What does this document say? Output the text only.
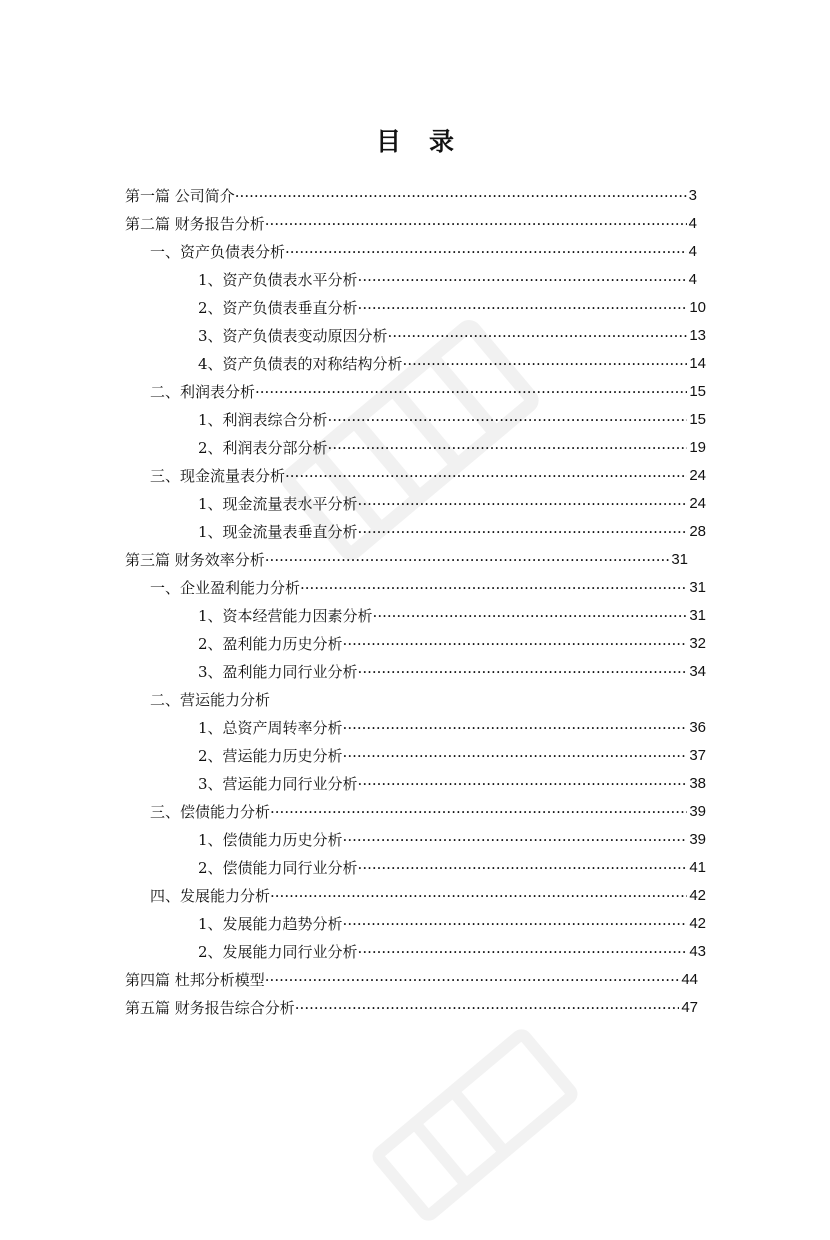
目 录
第一篇 公司简介 ·····	3
第二篇 财务报告分析 ·····	4
一、资产负债表分析 ·····	4
1、资产负债表水平分析 ·····	4
2、资产负债表垂直分析 ·····	10
3、资产负债表变动原因分析 ·····	13
4、资产负债表的对称结构分析 ·····	14
二、利润表分析 ·····	15
1、利润表综合分析 ·····	15
2、利润表分部分析 ·····	19
三、现金流量表分析 ·····	24
1、现金流量表水平分析 ·····	24
1、现金流量表垂直分析 ·····	28
第三篇 财务效率分析 ·····	31
一、企业盈利能力分析 ·····	31
1、资本经营能力因素分析 ·····	31
2、盈利能力历史分析 ·····	32
3、盈利能力同行业分析 ·····	34
二、营运能力分析
1、总资产周转率分析 ·····	36
2、营运能力历史分析 ·····	37
3、营运能力同行业分析 ·····	38
三、偿债能力分析 ·····	39
1、偿债能力历史分析 ·····	39
2、偿债能力同行业分析 ·····	41
四、发展能力分析 ·····	42
1、发展能力趋势分析 ·····	42
2、发展能力同行业分析 ·····	43
第四篇 杜邦分析模型 ·····	44
第五篇 财务报告综合分析 ·····	47
